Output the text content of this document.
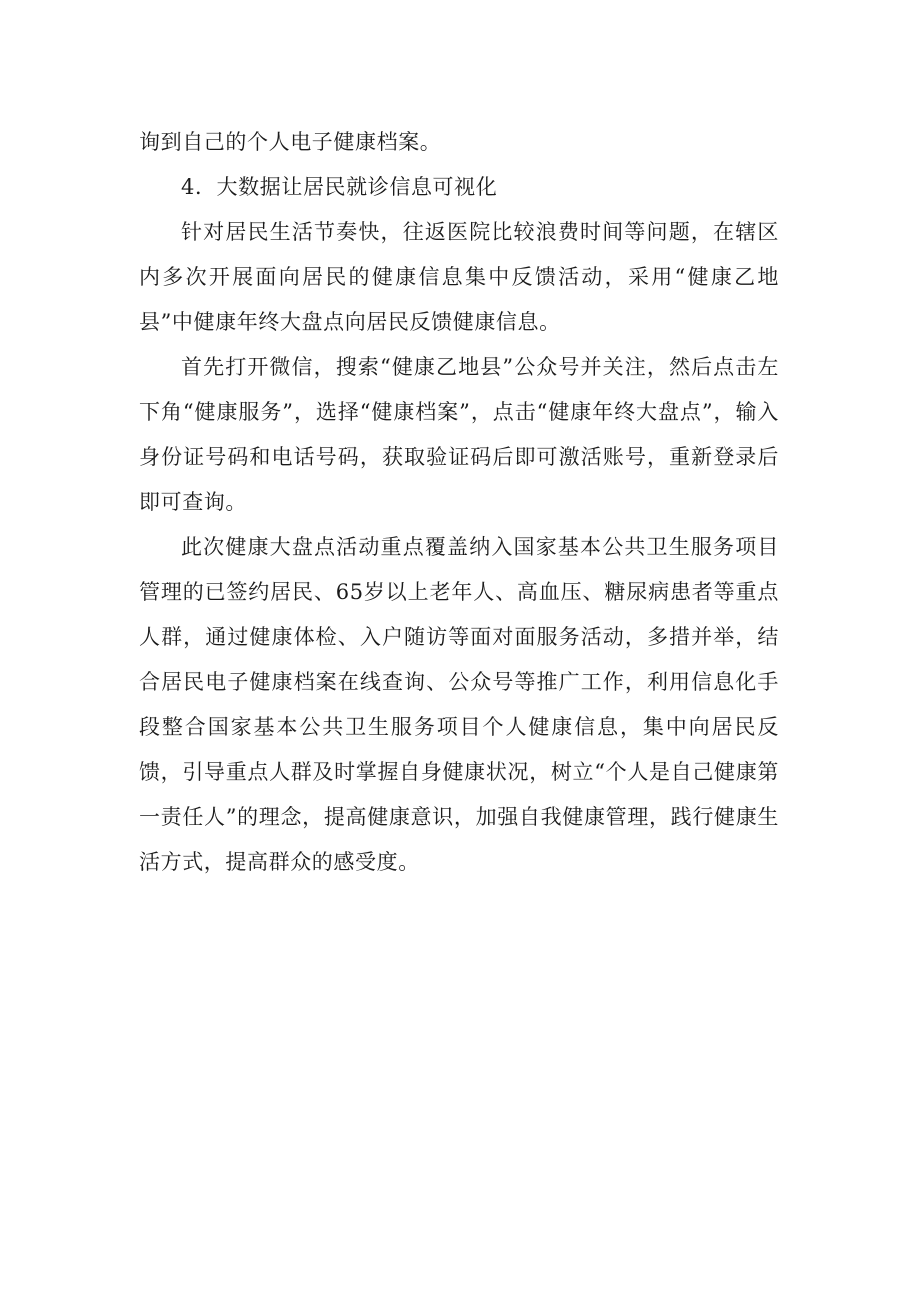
询到自己的个人电子健康档案。

4．大数据让居民就诊信息可视化

针对居民生活节奏快，往返医院比较浪费时间等问题，在辖区内多次开展面向居民的健康信息集中反馈活动，采用“健康乙地县”中健康年终大盘点向居民反馈健康信息。

首先打开微信，搜索“健康乙地县”公众号并关注，然后点击左下角“健康服务”，选择“健康档案”，点击“健康年终大盘点”，输入身份证号码和电话号码，获取验证码后即可激活账号，重新登录后即可查询。

此次健康大盘点活动重点覆盖纳入国家基本公共卫生服务项目管理的已签约居民、65岁以上老年人、高血压、糖尿病患者等重点人群，通过健康体检、入户随访等面对面服务活动，多措并举，结合居民电子健康档案在线查询、公众号等推广工作，利用信息化手段整合国家基本公共卫生服务项目个人健康信息，集中向居民反馈，引导重点人群及时掌握自身健康状况，树立“个人是自己健康第一责任人”的理念，提高健康意识，加强自我健康管理，践行健康生活方式，提高群众的感受度。
